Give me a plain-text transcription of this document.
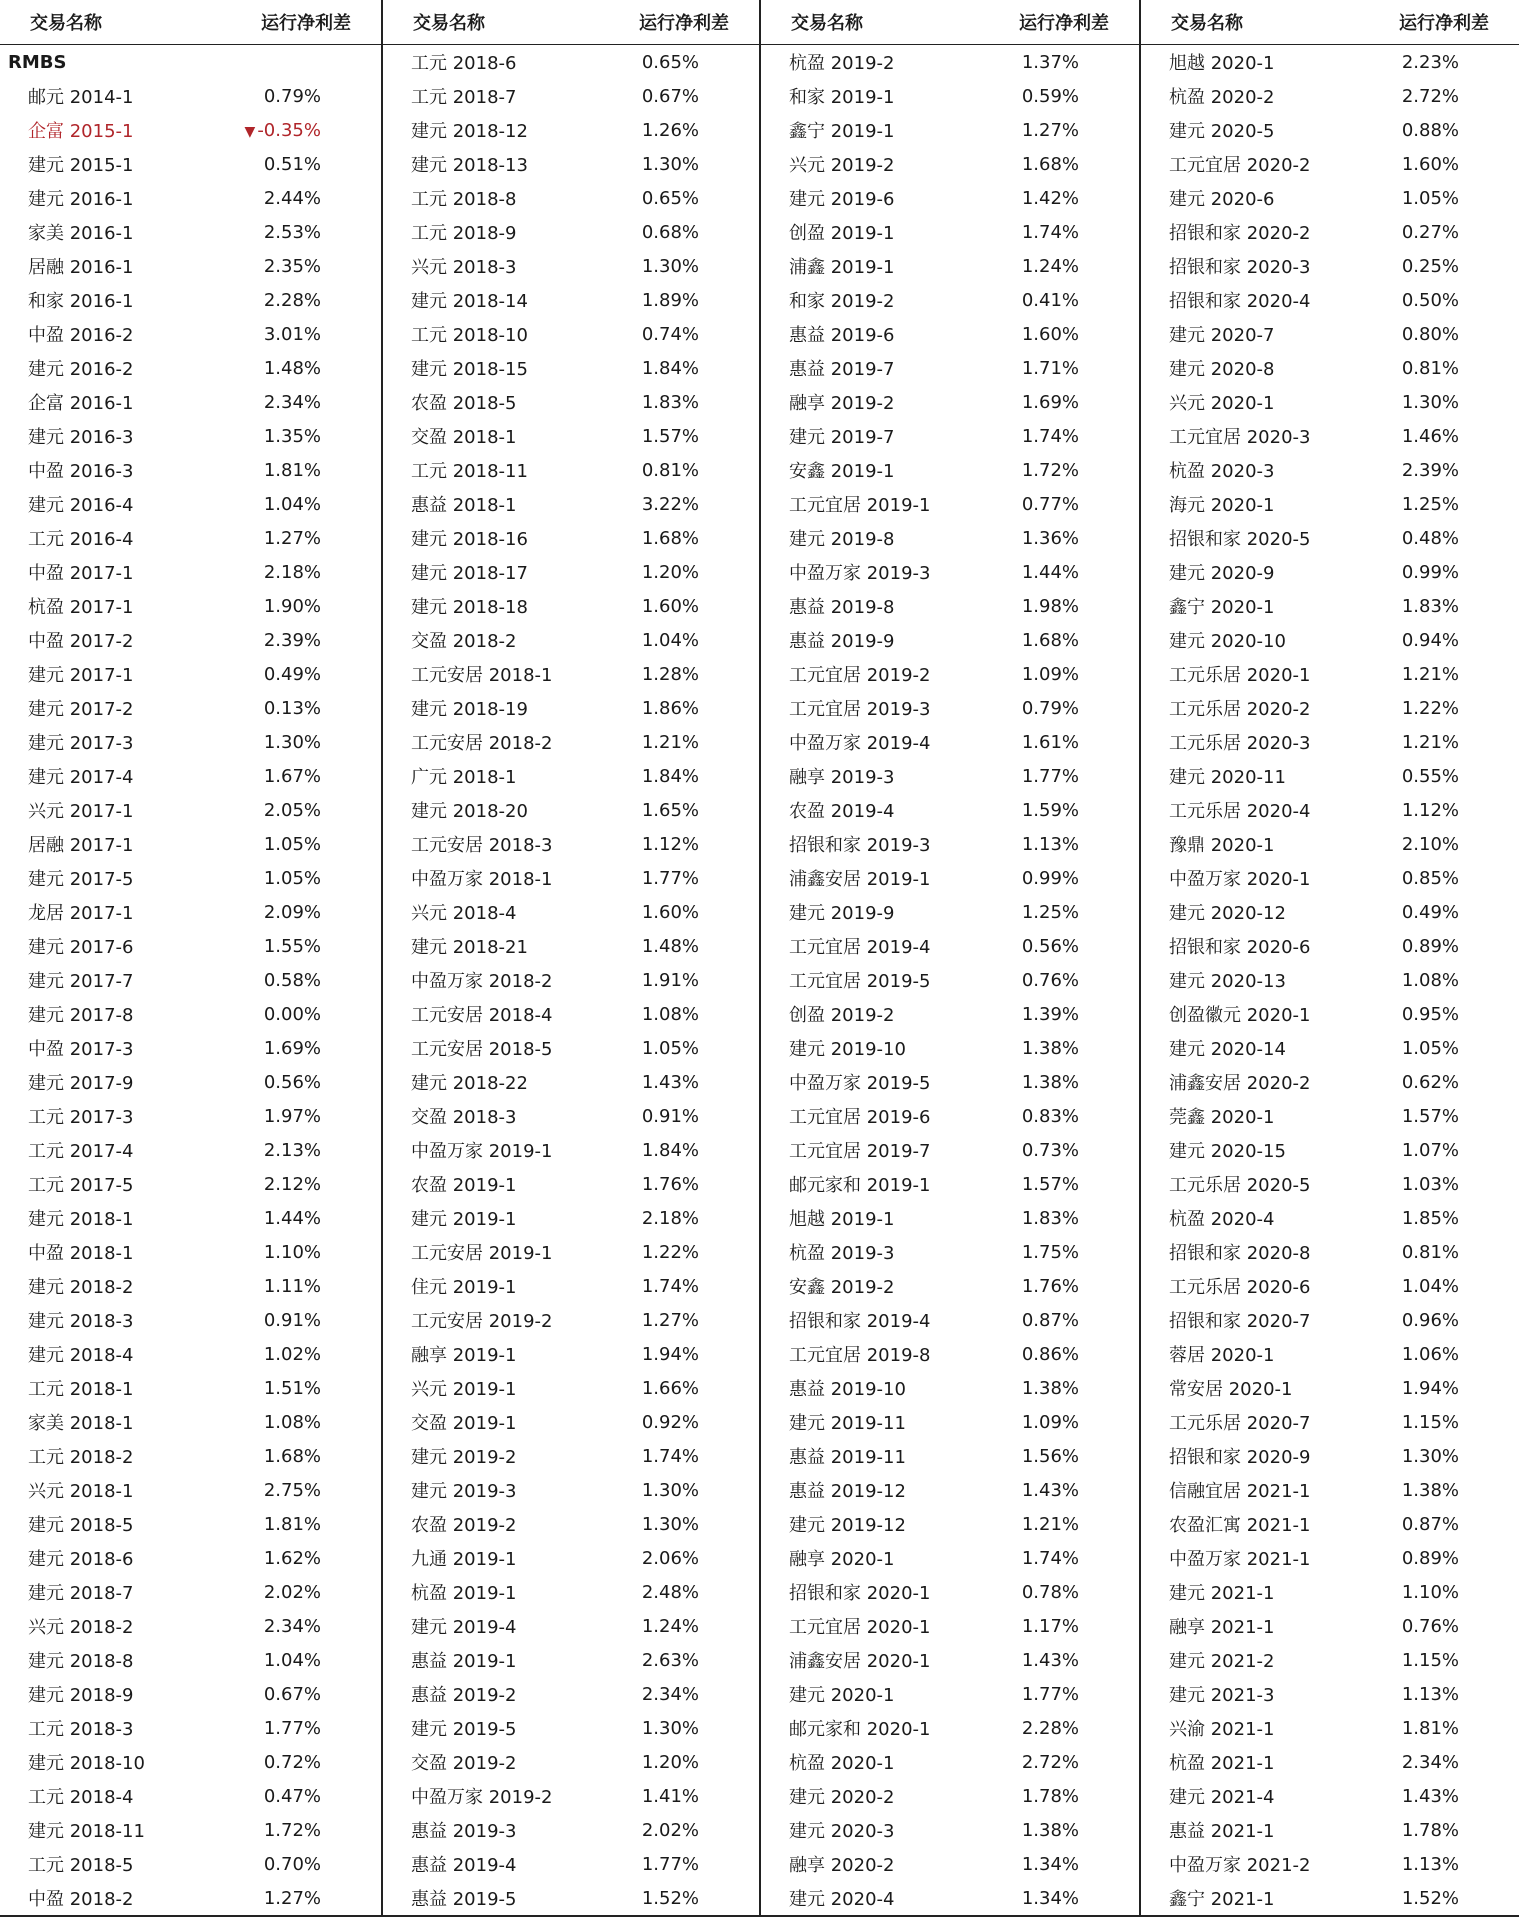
交易名称	运行净利差	交易名称	运行净利差	交易名称	运行净利差	交易名称	运行净利差
RMBS		工元 2018-6	0.65%	杭盈 2019-2	1.37%	旭越 2020-1	2.23%
邮元 2014-1	0.79%	工元 2018-7	0.67%	和家 2019-1	0.59%	杭盈 2020-2	2.72%
企富 2015-1	▼ -0.35%	建元 2018-12	1.26%	鑫宁 2019-1	1.27%	建元 2020-5	0.88%
建元 2015-1	0.51%	建元 2018-13	1.30%	兴元 2019-2	1.68%	工元宜居 2020-2	1.60%
建元 2016-1	2.44%	工元 2018-8	0.65%	建元 2019-6	1.42%	建元 2020-6	1.05%
家美 2016-1	2.53%	工元 2018-9	0.68%	创盈 2019-1	1.74%	招银和家 2020-2	0.27%
居融 2016-1	2.35%	兴元 2018-3	1.30%	浦鑫 2019-1	1.24%	招银和家 2020-3	0.25%
和家 2016-1	2.28%	建元 2018-14	1.89%	和家 2019-2	0.41%	招银和家 2020-4	0.50%
中盈 2016-2	3.01%	工元 2018-10	0.74%	惠益 2019-6	1.60%	建元 2020-7	0.80%
建元 2016-2	1.48%	建元 2018-15	1.84%	惠益 2019-7	1.71%	建元 2020-8	0.81%
企富 2016-1	2.34%	农盈 2018-5	1.83%	融享 2019-2	1.69%	兴元 2020-1	1.30%
建元 2016-3	1.35%	交盈 2018-1	1.57%	建元 2019-7	1.74%	工元宜居 2020-3	1.46%
中盈 2016-3	1.81%	工元 2018-11	0.81%	安鑫 2019-1	1.72%	杭盈 2020-3	2.39%
建元 2016-4	1.04%	惠益 2018-1	3.22%	工元宜居 2019-1	0.77%	海元 2020-1	1.25%
工元 2016-4	1.27%	建元 2018-16	1.68%	建元 2019-8	1.36%	招银和家 2020-5	0.48%
中盈 2017-1	2.18%	建元 2018-17	1.20%	中盈万家 2019-3	1.44%	建元 2020-9	0.99%
杭盈 2017-1	1.90%	建元 2018-18	1.60%	惠益 2019-8	1.98%	鑫宁 2020-1	1.83%
中盈 2017-2	2.39%	交盈 2018-2	1.04%	惠益 2019-9	1.68%	建元 2020-10	0.94%
建元 2017-1	0.49%	工元安居 2018-1	1.28%	工元宜居 2019-2	1.09%	工元乐居 2020-1	1.21%
建元 2017-2	0.13%	建元 2018-19	1.86%	工元宜居 2019-3	0.79%	工元乐居 2020-2	1.22%
建元 2017-3	1.30%	工元安居 2018-2	1.21%	中盈万家 2019-4	1.61%	工元乐居 2020-3	1.21%
建元 2017-4	1.67%	广元 2018-1	1.84%	融享 2019-3	1.77%	建元 2020-11	0.55%
兴元 2017-1	2.05%	建元 2018-20	1.65%	农盈 2019-4	1.59%	工元乐居 2020-4	1.12%
居融 2017-1	1.05%	工元安居 2018-3	1.12%	招银和家 2019-3	1.13%	豫鼎 2020-1	2.10%
建元 2017-5	1.05%	中盈万家 2018-1	1.77%	浦鑫安居 2019-1	0.99%	中盈万家 2020-1	0.85%
龙居 2017-1	2.09%	兴元 2018-4	1.60%	建元 2019-9	1.25%	建元 2020-12	0.49%
建元 2017-6	1.55%	建元 2018-21	1.48%	工元宜居 2019-4	0.56%	招银和家 2020-6	0.89%
建元 2017-7	0.58%	中盈万家 2018-2	1.91%	工元宜居 2019-5	0.76%	建元 2020-13	1.08%
建元 2017-8	0.00%	工元安居 2018-4	1.08%	创盈 2019-2	1.39%	创盈徽元 2020-1	0.95%
中盈 2017-3	1.69%	工元安居 2018-5	1.05%	建元 2019-10	1.38%	建元 2020-14	1.05%
建元 2017-9	0.56%	建元 2018-22	1.43%	中盈万家 2019-5	1.38%	浦鑫安居 2020-2	0.62%
工元 2017-3	1.97%	交盈 2018-3	0.91%	工元宜居 2019-6	0.83%	莞鑫 2020-1	1.57%
工元 2017-4	2.13%	中盈万家 2019-1	1.84%	工元宜居 2019-7	0.73%	建元 2020-15	1.07%
工元 2017-5	2.12%	农盈 2019-1	1.76%	邮元家和 2019-1	1.57%	工元乐居 2020-5	1.03%
建元 2018-1	1.44%	建元 2019-1	2.18%	旭越 2019-1	1.83%	杭盈 2020-4	1.85%
中盈 2018-1	1.10%	工元安居 2019-1	1.22%	杭盈 2019-3	1.75%	招银和家 2020-8	0.81%
建元 2018-2	1.11%	住元 2019-1	1.74%	安鑫 2019-2	1.76%	工元乐居 2020-6	1.04%
建元 2018-3	0.91%	工元安居 2019-2	1.27%	招银和家 2019-4	0.87%	招银和家 2020-7	0.96%
建元 2018-4	1.02%	融享 2019-1	1.94%	工元宜居 2019-8	0.86%	蓉居 2020-1	1.06%
工元 2018-1	1.51%	兴元 2019-1	1.66%	惠益 2019-10	1.38%	常安居 2020-1	1.94%
家美 2018-1	1.08%	交盈 2019-1	0.92%	建元 2019-11	1.09%	工元乐居 2020-7	1.15%
工元 2018-2	1.68%	建元 2019-2	1.74%	惠益 2019-11	1.56%	招银和家 2020-9	1.30%
兴元 2018-1	2.75%	建元 2019-3	1.30%	惠益 2019-12	1.43%	信融宜居 2021-1	1.38%
建元 2018-5	1.81%	农盈 2019-2	1.30%	建元 2019-12	1.21%	农盈汇寓 2021-1	0.87%
建元 2018-6	1.62%	九通 2019-1	2.06%	融享 2020-1	1.74%	中盈万家 2021-1	0.89%
建元 2018-7	2.02%	杭盈 2019-1	2.48%	招银和家 2020-1	0.78%	建元 2021-1	1.10%
兴元 2018-2	2.34%	建元 2019-4	1.24%	工元宜居 2020-1	1.17%	融享 2021-1	0.76%
建元 2018-8	1.04%	惠益 2019-1	2.63%	浦鑫安居 2020-1	1.43%	建元 2021-2	1.15%
建元 2018-9	0.67%	惠益 2019-2	2.34%	建元 2020-1	1.77%	建元 2021-3	1.13%
工元 2018-3	1.77%	建元 2019-5	1.30%	邮元家和 2020-1	2.28%	兴渝 2021-1	1.81%
建元 2018-10	0.72%	交盈 2019-2	1.20%	杭盈 2020-1	2.72%	杭盈 2021-1	2.34%
工元 2018-4	0.47%	中盈万家 2019-2	1.41%	建元 2020-2	1.78%	建元 2021-4	1.43%
建元 2018-11	1.72%	惠益 2019-3	2.02%	建元 2020-3	1.38%	惠益 2021-1	1.78%
工元 2018-5	0.70%	惠益 2019-4	1.77%	融享 2020-2	1.34%	中盈万家 2021-2	1.13%
中盈 2018-2	1.27%	惠益 2019-5	1.52%	建元 2020-4	1.34%	鑫宁 2021-1	1.52%
